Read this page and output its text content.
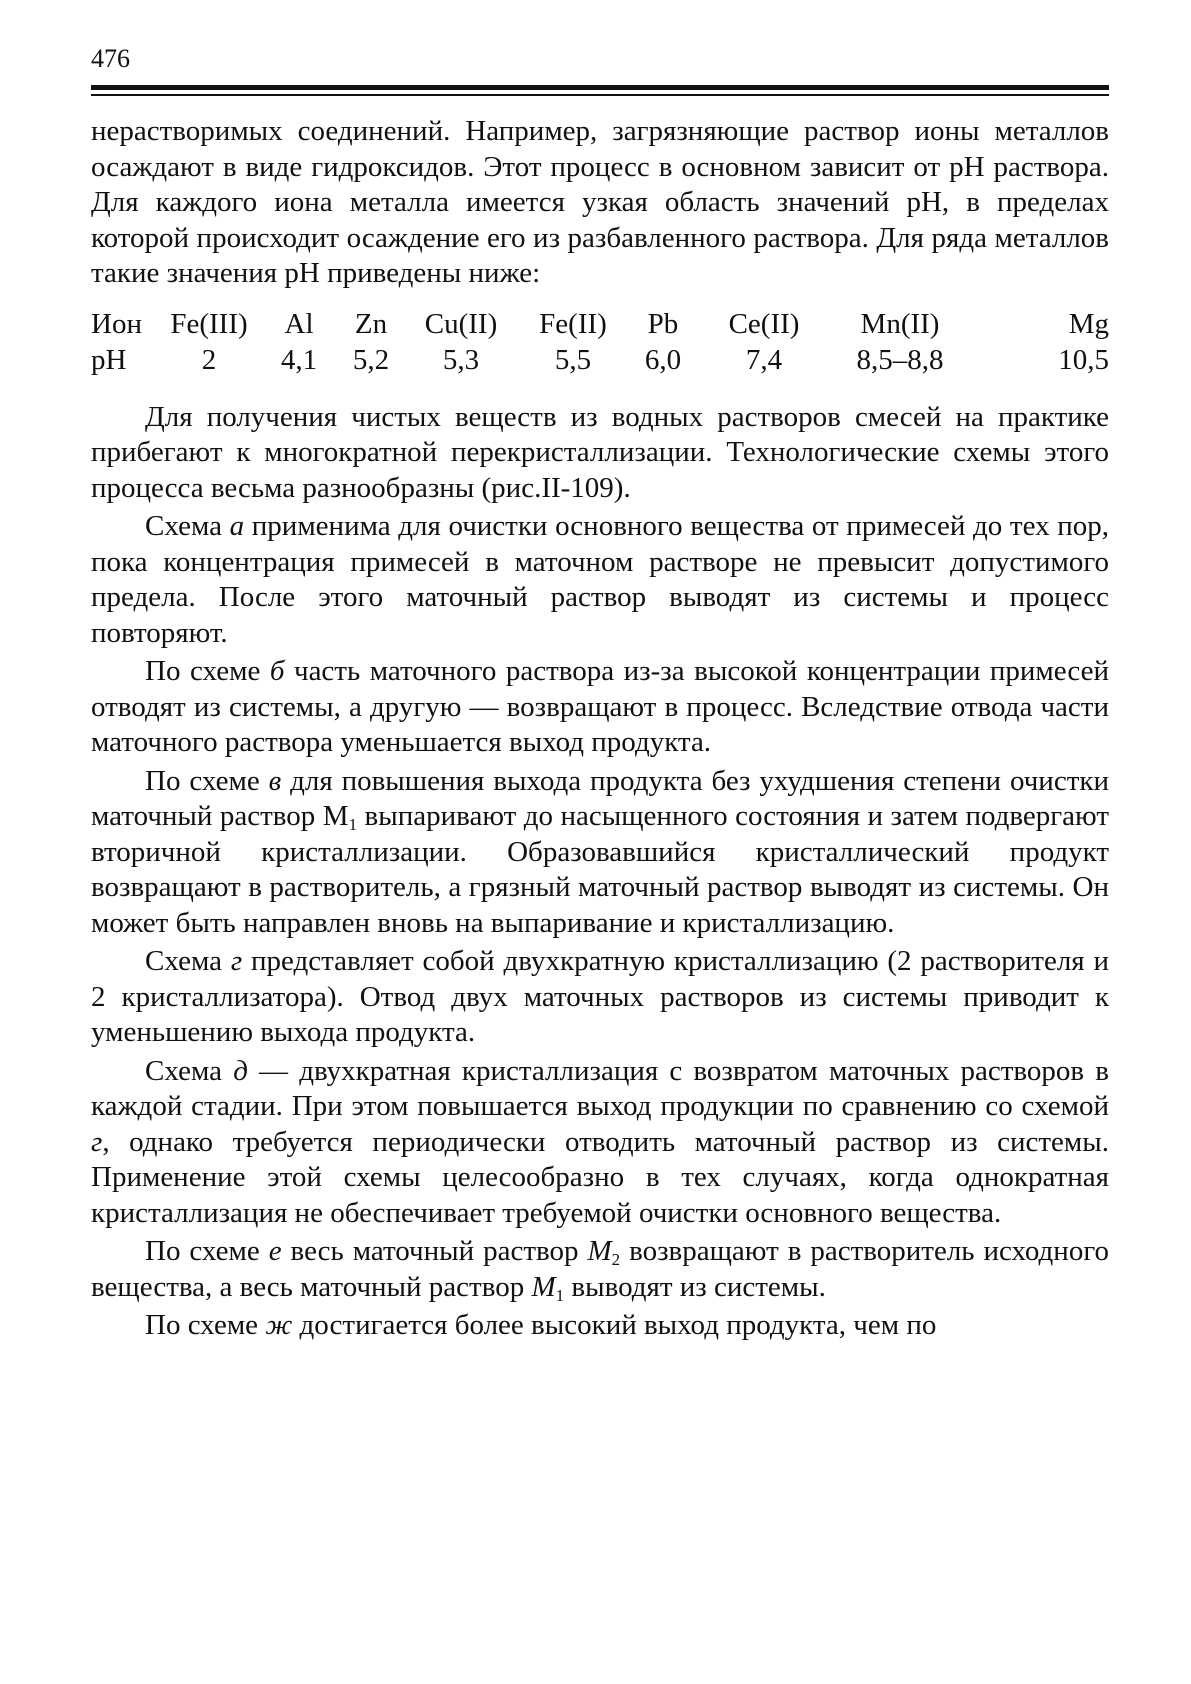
476

нерастворимых соединений. Например, загрязняющие раствор ионы металлов осаждают в виде гидроксидов. Этот процесс в основном зависит от pH раствора. Для каждого иона металла имеется узкая область значений pH, в пределах которой происходит осаждение его из разбавленного раствора. Для ряда металлов такие значения pH приведены ниже:

Ион Fe(III)	Al	Zn	Cu(II)	Fe(II)	Pb	Ce(II)	Mn(II)	Mg
pH	2	4,1	5,2	5,3	5,5	6,0	7,4	8,5–8,8	10,5

Для получения чистых веществ из водных растворов смесей на практике прибегают к многократной перекристаллизации. Технологические схемы этого процесса весьма разнообразны (рис.II-109).

Схема а применима для очистки основного вещества от примесей до тех пор, пока концентрация примесей в маточном растворе не превысит допустимого предела. После этого маточный раствор выводят из системы и процесс повторяют.

По схеме б часть маточного раствора из-за высокой концентрации примесей отводят из системы, а другую — возвращают в процесс. Вследствие отвода части маточного раствора уменьшается выход продукта.

По схеме в для повышения выхода продукта без ухудшения степени очистки маточный раствор $М_1$ выпаривают до насыщенного состояния и затем подвергают вторичной кристаллизации. Образовавшийся кристаллический продукт возвращают в растворитель, а грязный маточный раствор выводят из системы. Он может быть направлен вновь на выпаривание и кристаллизацию.

Схема г представляет собой двухкратную кристаллизацию (2 растворителя и 2 кристаллизатора). Отвод двух маточных растворов из системы приводит к уменьшению выхода продукта.

Схема д — двухкратная кристаллизация с возвратом маточных растворов в каждой стадии. При этом повышается выход продукции по сравнению со схемой г, однако требуется периодически отводить маточный раствор из системы. Применение этой схемы целесообразно в тех случаях, когда однократная кристаллизация не обеспечивает требуемой очистки основного вещества.

По схеме е весь маточный раствор $M_2$ возвращают в растворитель исходного вещества, а весь маточный раствор $M_1$ выводят из системы.

По схеме ж достигается более высокий выход продукта, чем по
